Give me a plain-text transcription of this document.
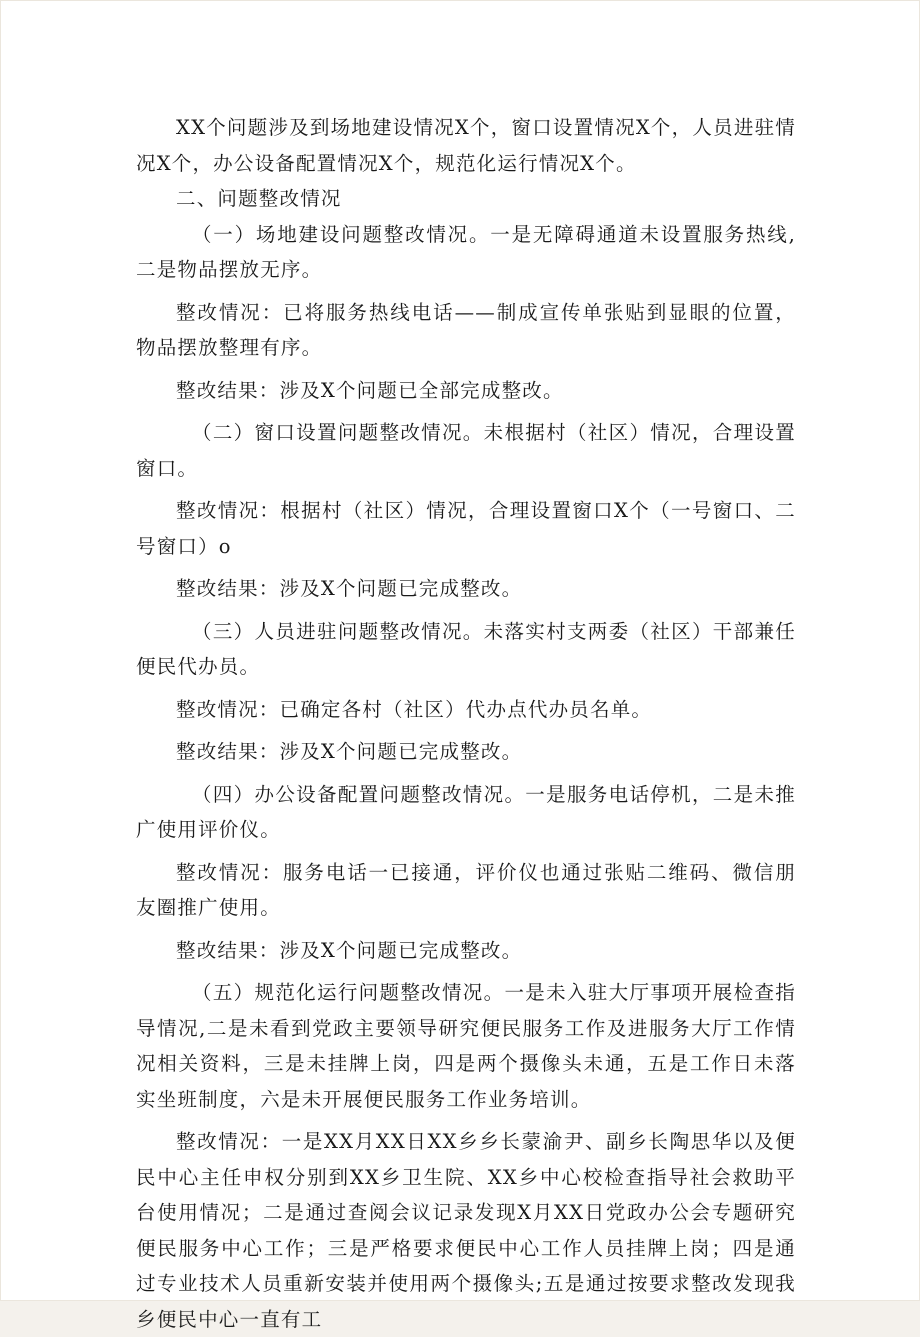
XX个问题涉及到场地建设情况X个，窗口设置情况X个，人员进驻情况X个，办公设备配置情况X个，规范化运行情况X个。

二、问题整改情况

（一）场地建设问题整改情况。一是无障碍通道未设置服务热线,二是物品摆放无序。

整改情况：已将服务热线电话——制成宣传单张贴到显眼的位置，物品摆放整理有序。

整改结果：涉及X个问题已全部完成整改。

（二）窗口设置问题整改情况。未根据村（社区）情况，合理设置窗口。

整改情况：根据村（社区）情况，合理设置窗口X个（一号窗口、二号窗口）o

整改结果：涉及X个问题已完成整改。

（三）人员进驻问题整改情况。未落实村支两委（社区）干部兼任便民代办员。

整改情况：已确定各村（社区）代办点代办员名单。

整改结果：涉及X个问题已完成整改。

（四）办公设备配置问题整改情况。一是服务电话停机，二是未推广使用评价仪。

整改情况：服务电话一已接通，评价仪也通过张贴二维码、微信朋友圈推广使用。

整改结果：涉及X个问题已完成整改。

（五）规范化运行问题整改情况。一是未入驻大厅事项开展检查指导情况,二是未看到党政主要领导研究便民服务工作及进服务大厅工作情况相关资料，三是未挂牌上岗，四是两个摄像头未通，五是工作日未落实坐班制度，六是未开展便民服务工作业务培训。

整改情况：一是XX月XX日XX乡乡长蒙渝尹、副乡长陶思华以及便民中心主任申权分别到XX乡卫生院、XX乡中心校检查指导社会救助平台使用情况；二是通过查阅会议记录发现X月XX日党政办公会专题研究便民服务中心工作；三是严格要求便民中心工作人员挂牌上岗；四是通过专业技术人员重新安装并使用两个摄像头;五是通过按要求整改发现我乡便民中心一直有工
